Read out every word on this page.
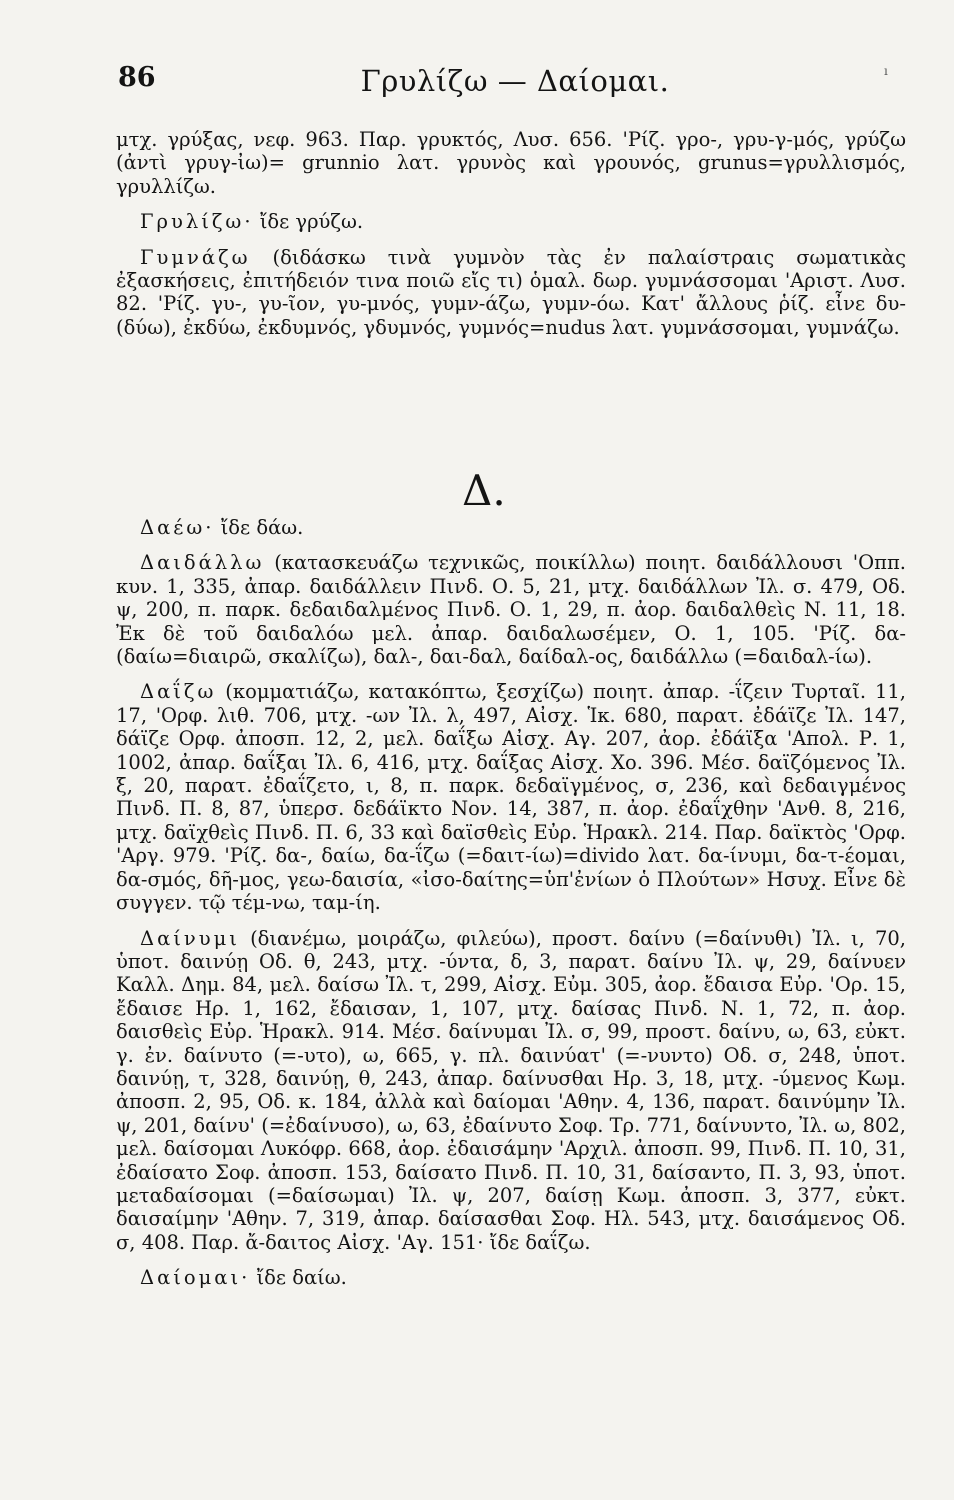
86	Γρυλίζω — Δαίομαι.	ı

μτχ. γρύξας, νεφ. 963. Παρ. γρυκτός, Λυσ. 656. 'Ρίζ. γρο-, γρυ-γ-μός, γρύζω (ἀντὶ γρυγ-ἰω)= grunnio λατ. γρυνὸς καὶ γρουνός, grunus=γρυλλισμός, γρυλλίζω.

Γρυλίζω· ἴδε γρύζω.

Γυμνάζω (διδάσκω τινὰ γυμνὸν τὰς ἐν παλαίστραις σωματικὰς ἐξασκήσεις, ἐπιτήδειόν τινα ποιῶ εἴς τι) ὁμαλ. δωρ. γυμνάσσομαι 'Αριστ. Λυσ. 82. 'Ρίζ. γυ-, γυ-ῖον, γυ-μνός, γυμν-άζω, γυμν-όω. Κατ' ἄλλους ῥίζ. εἶνε δυ- (δύω), ἐκδύω, ἐκδυμνός, γδυμνός, γυμνός=nudus λατ. γυμνάσσομαι, γυμνάζω.

Δ.

Δαέω· ἴδε δάω.

Δαιδάλλω (κατασκευάζω τεχνικῶς, ποικίλλω) ποιητ. δαιδάλλουσι 'Οππ. κυν. 1, 335, ἀπαρ. δαιδάλλειν Πινδ. Ο. 5, 21, μτχ. δαιδάλλων Ἰλ. σ. 479, Οδ. ψ, 200, π. παρκ. δεδαιδαλμένος Πινδ. Ο. 1, 29, π. ἀορ. δαιδαλθεὶς Ν. 11, 18. Ἐκ δὲ τοῦ δαιδαλόω μελ. ἀπαρ. δαιδαλωσέμεν, Ο. 1, 105. 'Ρίζ. δα- (δαίω=διαιρῶ, σκαλίζω), δαλ-, δαι-δαλ, δαίδαλ-ος, δαιδάλλω (=δαιδαλ-ίω).

Δαΐζω (κομματιάζω, κατακόπτω, ξεσχίζω) ποιητ. ἀπαρ. -ΐζειν Τυρταῖ. 11, 17, 'Ορφ. λιθ. 706, μτχ. -ων Ἰλ. λ, 497, Αἰσχ. Ἱκ. 680, παρατ. ἐδάϊζε Ἰλ. 147, δάϊζε Ορφ. ἀποσπ. 12, 2, μελ. δαΐξω Αἰσχ. Αγ. 207, ἀορ. ἐδάϊξα 'Απολ. Ρ. 1, 1002, ἀπαρ. δαΐξαι Ἰλ. 6, 416, μτχ. δαΐξας Αἰσχ. Χο. 396. Μέσ. δαϊζόμενος Ἰλ. ξ, 20, παρατ. ἐδαΐζετο, ι, 8, π. παρκ. δεδαϊγμένος, σ, 236, καὶ δεδαιγμένος Πινδ. Π. 8, 87, ὑπερσ. δεδάϊκτο Νον. 14, 387, π. ἀορ. ἐδαΐχθην 'Ανθ. 8, 216, μτχ. δαϊχθεὶς Πινδ. Π. 6, 33 καὶ δαϊσθεὶς Εὐρ. Ἡρακλ. 214. Παρ. δαϊκτὸς 'Ορφ. 'Αργ. 979. 'Ρίζ. δα-, δαίω, δα-ΐζω (=δαιτ-ίω)=divido λατ. δα-ίνυμι, δα-τ-έομαι, δα-σμός, δῆ-μος, γεω-δαισία, «ἰσο-δαίτης=ὑπ'ἐνίων ὁ Πλούτων» Ησυχ. Εἶνε δὲ συγγεν. τῷ τέμ-νω, ταμ-ίη.

Δαίνυμι (διανέμω, μοιράζω, φιλεύω), προστ. δαίνυ (=δαίνυθι) Ἰλ. ι, 70, ὑποτ. δαινύῃ Οδ. θ, 243, μτχ. -ύντα, δ, 3, παρατ. δαίνυ Ἰλ. ψ, 29, δαίνυεν Καλλ. Δημ. 84, μελ. δαίσω Ἰλ. τ, 299, Αἰσχ. Εὐμ. 305, ἀορ. ἔδαισα Εὐρ. 'Ορ. 15, ἔδαισε Ηρ. 1, 162, ἔδαισαν, 1, 107, μτχ. δαίσας Πινδ. Ν. 1, 72, π. ἀορ. δαισθεὶς Εὐρ. Ἡρακλ. 914. Μέσ. δαίνυμαι Ἰλ. σ, 99, προστ. δαίνυ, ω, 63, εὐκτ. γ. ἐν. δαίνυτο (=-υτο), ω, 665, γ. πλ. δαινύατ' (=-νυντο) Οδ. σ, 248, ὑποτ. δαινύῃ, τ, 328, δαινύῃ, θ, 243, ἀπαρ. δαίνυσθαι Ηρ. 3, 18, μτχ. -ύμενος Κωμ. ἀποσπ. 2, 95, Οδ. κ. 184, ἀλλὰ καὶ δαίομαι 'Αθην. 4, 136, παρατ. δαινύμην Ἰλ. ψ, 201, δαίνυ' (=ἐδαίνυσο), ω, 63, ἐδαίνυτο Σοφ. Τρ. 771, δαίνυντο, Ἰλ. ω, 802, μελ. δαίσομαι Λυκόφρ. 668, ἀορ. ἐδαισάμην 'Αρχιλ. ἀποσπ. 99, Πινδ. Π. 10, 31, ἐδαίσατο Σοφ. ἀποσπ. 153, δαίσατο Πινδ. Π. 10, 31, δαίσαντο, Π. 3, 93, ὑποτ. μεταδαίσομαι (=δαίσωμαι) Ἰλ. ψ, 207, δαίσῃ Κωμ. ἀποσπ. 3, 377, εὐκτ. δαισαίμην 'Αθην. 7, 319, ἀπαρ. δαίσασθαι Σοφ. Ηλ. 543, μτχ. δαισάμενος Οδ. σ, 408. Παρ. ἄ-δαιτος Αἰσχ. 'Αγ. 151· ἴδε δαΐζω.

Δαίομαι· ἴδε δαίω.
